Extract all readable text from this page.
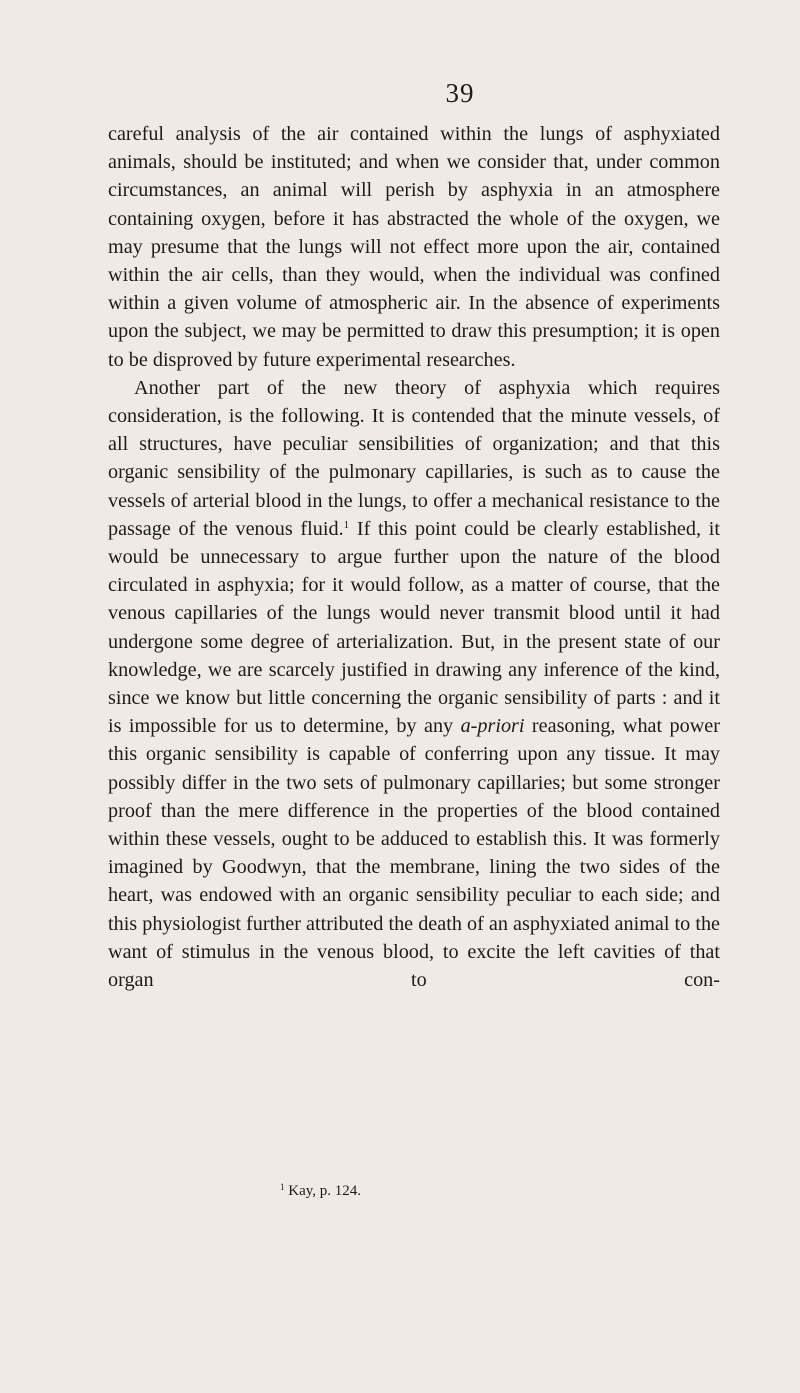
39

careful analysis of the air contained within the lungs of asphyxiated animals, should be instituted; and when we consider that, under common circumstances, an animal will perish by asphyxia in an atmosphere containing oxygen, before it has abstracted the whole of the oxygen, we may presume that the lungs will not effect more upon the air, contained within the air cells, than they would, when the individual was confined within a given volume of atmospheric air. In the absence of experiments upon the subject, we may be permitted to draw this presumption; it is open to be disproved by future experimental researches.

Another part of the new theory of asphyxia which requires consideration, is the following. It is contended that the minute vessels, of all structures, have peculiar sensibilities of organization; and that this organic sensibility of the pulmonary capillaries, is such as to cause the vessels of arterial blood in the lungs, to offer a mechanical resistance to the passage of the venous fluid.$^1$ If this point could be clearly established, it would be unnecessary to argue further upon the nature of the blood circulated in asphyxia; for it would follow, as a matter of course, that the venous capillaries of the lungs would never transmit blood until it had undergone some degree of arterialization. But, in the present state of our knowledge, we are scarcely justified in drawing any inference of the kind, since we know but little concerning the organic sensibility of parts : and it is impossible for us to determine, by any a-priori reasoning, what power this organic sensibility is capable of conferring upon any tissue. It may possibly differ in the two sets of pulmonary capillaries; but some stronger proof than the mere difference in the properties of the blood contained within these vessels, ought to be adduced to establish this. It was formerly imagined by Goodwyn, that the membrane, lining the two sides of the heart, was endowed with an organic sensibility peculiar to each side; and this physiologist further attributed the death of an asphyxiated animal to the want of stimulus in the venous blood, to excite the left cavities of that organ to con-

$^1$ Kay, p. 124.
